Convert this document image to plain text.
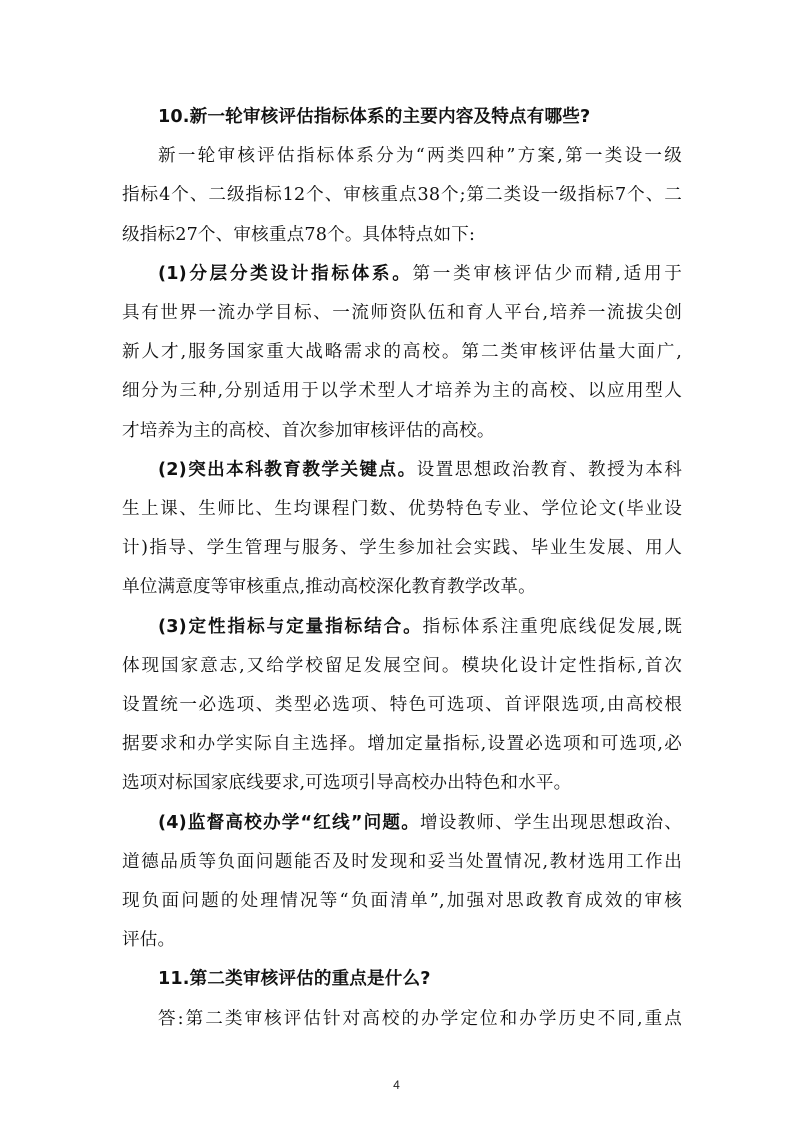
10.新一轮审核评估指标体系的主要内容及特点有哪些?
新一轮审核评估指标体系分为“两类四种”方案,第一类设一级
指标4个、二级指标12个、审核重点38个;第二类设一级指标7个、二
级指标27个、审核重点78个。具体特点如下:
(1)分层分类设计指标体系。第一类审核评估少而精,适用于
具有世界一流办学目标、一流师资队伍和育人平台,培养一流拔尖创
新人才,服务国家重大战略需求的高校。第二类审核评估量大面广,
细分为三种,分别适用于以学术型人才培养为主的高校、以应用型人
才培养为主的高校、首次参加审核评估的高校。
(2)突出本科教育教学关键点。设置思想政治教育、教授为本科
生上课、生师比、生均课程门数、优势特色专业、学位论文(毕业设
计)指导、学生管理与服务、学生参加社会实践、毕业生发展、用人
单位满意度等审核重点,推动高校深化教育教学改革。
(3)定性指标与定量指标结合。指标体系注重兜底线促发展,既
体现国家意志,又给学校留足发展空间。模块化设计定性指标,首次
设置统一必选项、类型必选项、特色可选项、首评限选项,由高校根
据要求和办学实际自主选择。增加定量指标,设置必选项和可选项,必
选项对标国家底线要求,可选项引导高校办出特色和水平。
(4)监督高校办学“红线”问题。增设教师、学生出现思想政治、
道德品质等负面问题能否及时发现和妥当处置情况,教材选用工作出
现负面问题的处理情况等“负面清单”,加强对思政教育成效的审核
评估。
11.第二类审核评估的重点是什么?
答:第二类审核评估针对高校的办学定位和办学历史不同,重点
4
